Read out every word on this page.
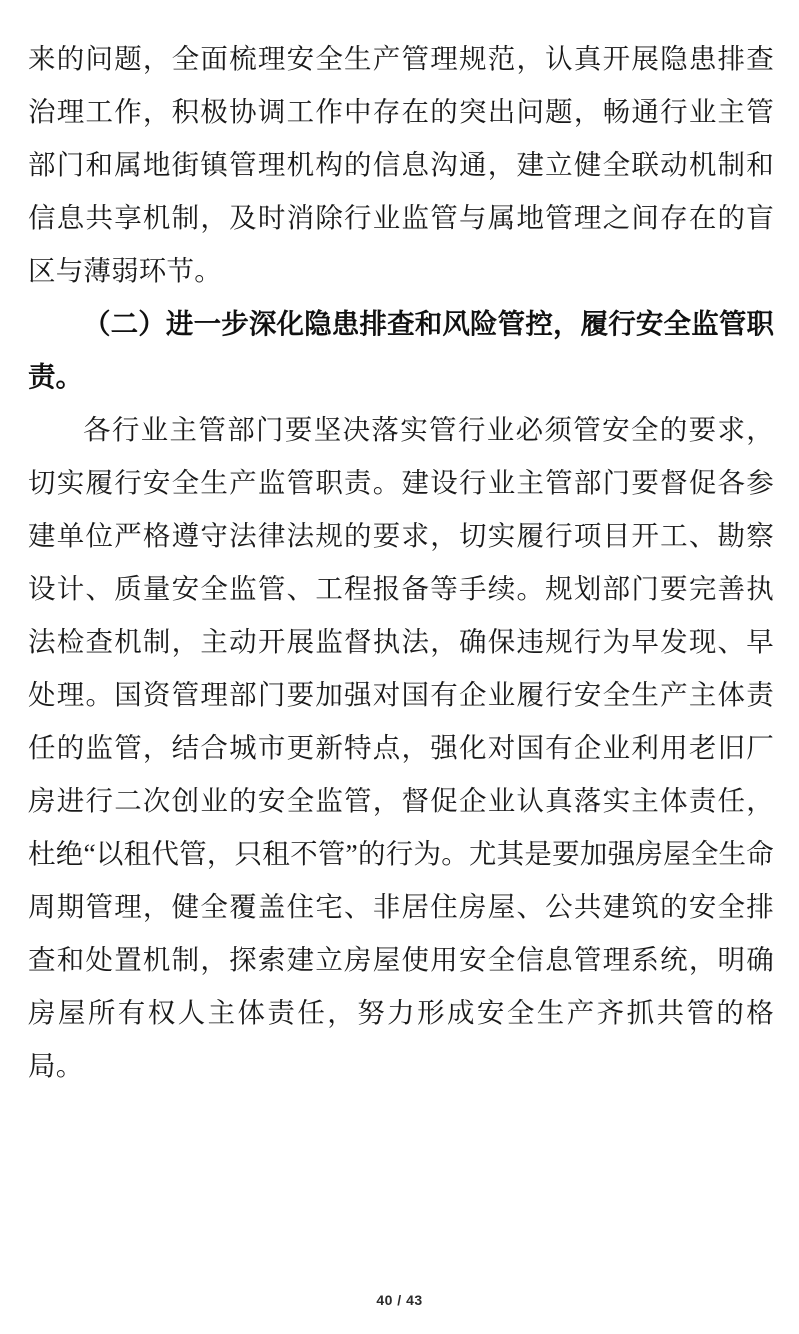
来的问题，全面梳理安全生产管理规范，认真开展隐患排查治理工作，积极协调工作中存在的突出问题，畅通行业主管部门和属地街镇管理机构的信息沟通，建立健全联动机制和信息共享机制，及时消除行业监管与属地管理之间存在的盲区与薄弱环节。

（二）进一步深化隐患排查和风险管控，履行安全监管职责。

各行业主管部门要坚决落实管行业必须管安全的要求，切实履行安全生产监管职责。建设行业主管部门要督促各参建单位严格遵守法律法规的要求，切实履行项目开工、勘察设计、质量安全监管、工程报备等手续。规划部门要完善执法检查机制，主动开展监督执法，确保违规行为早发现、早处理。国资管理部门要加强对国有企业履行安全生产主体责任的监管，结合城市更新特点，强化对国有企业利用老旧厂房进行二次创业的安全监管，督促企业认真落实主体责任，杜绝“以租代管，只租不管”的行为。尤其是要加强房屋全生命周期管理，健全覆盖住宅、非居住房屋、公共建筑的安全排查和处置机制，探索建立房屋使用安全信息管理系统，明确房屋所有权人主体责任，努力形成安全生产齐抓共管的格局。

40 / 43
